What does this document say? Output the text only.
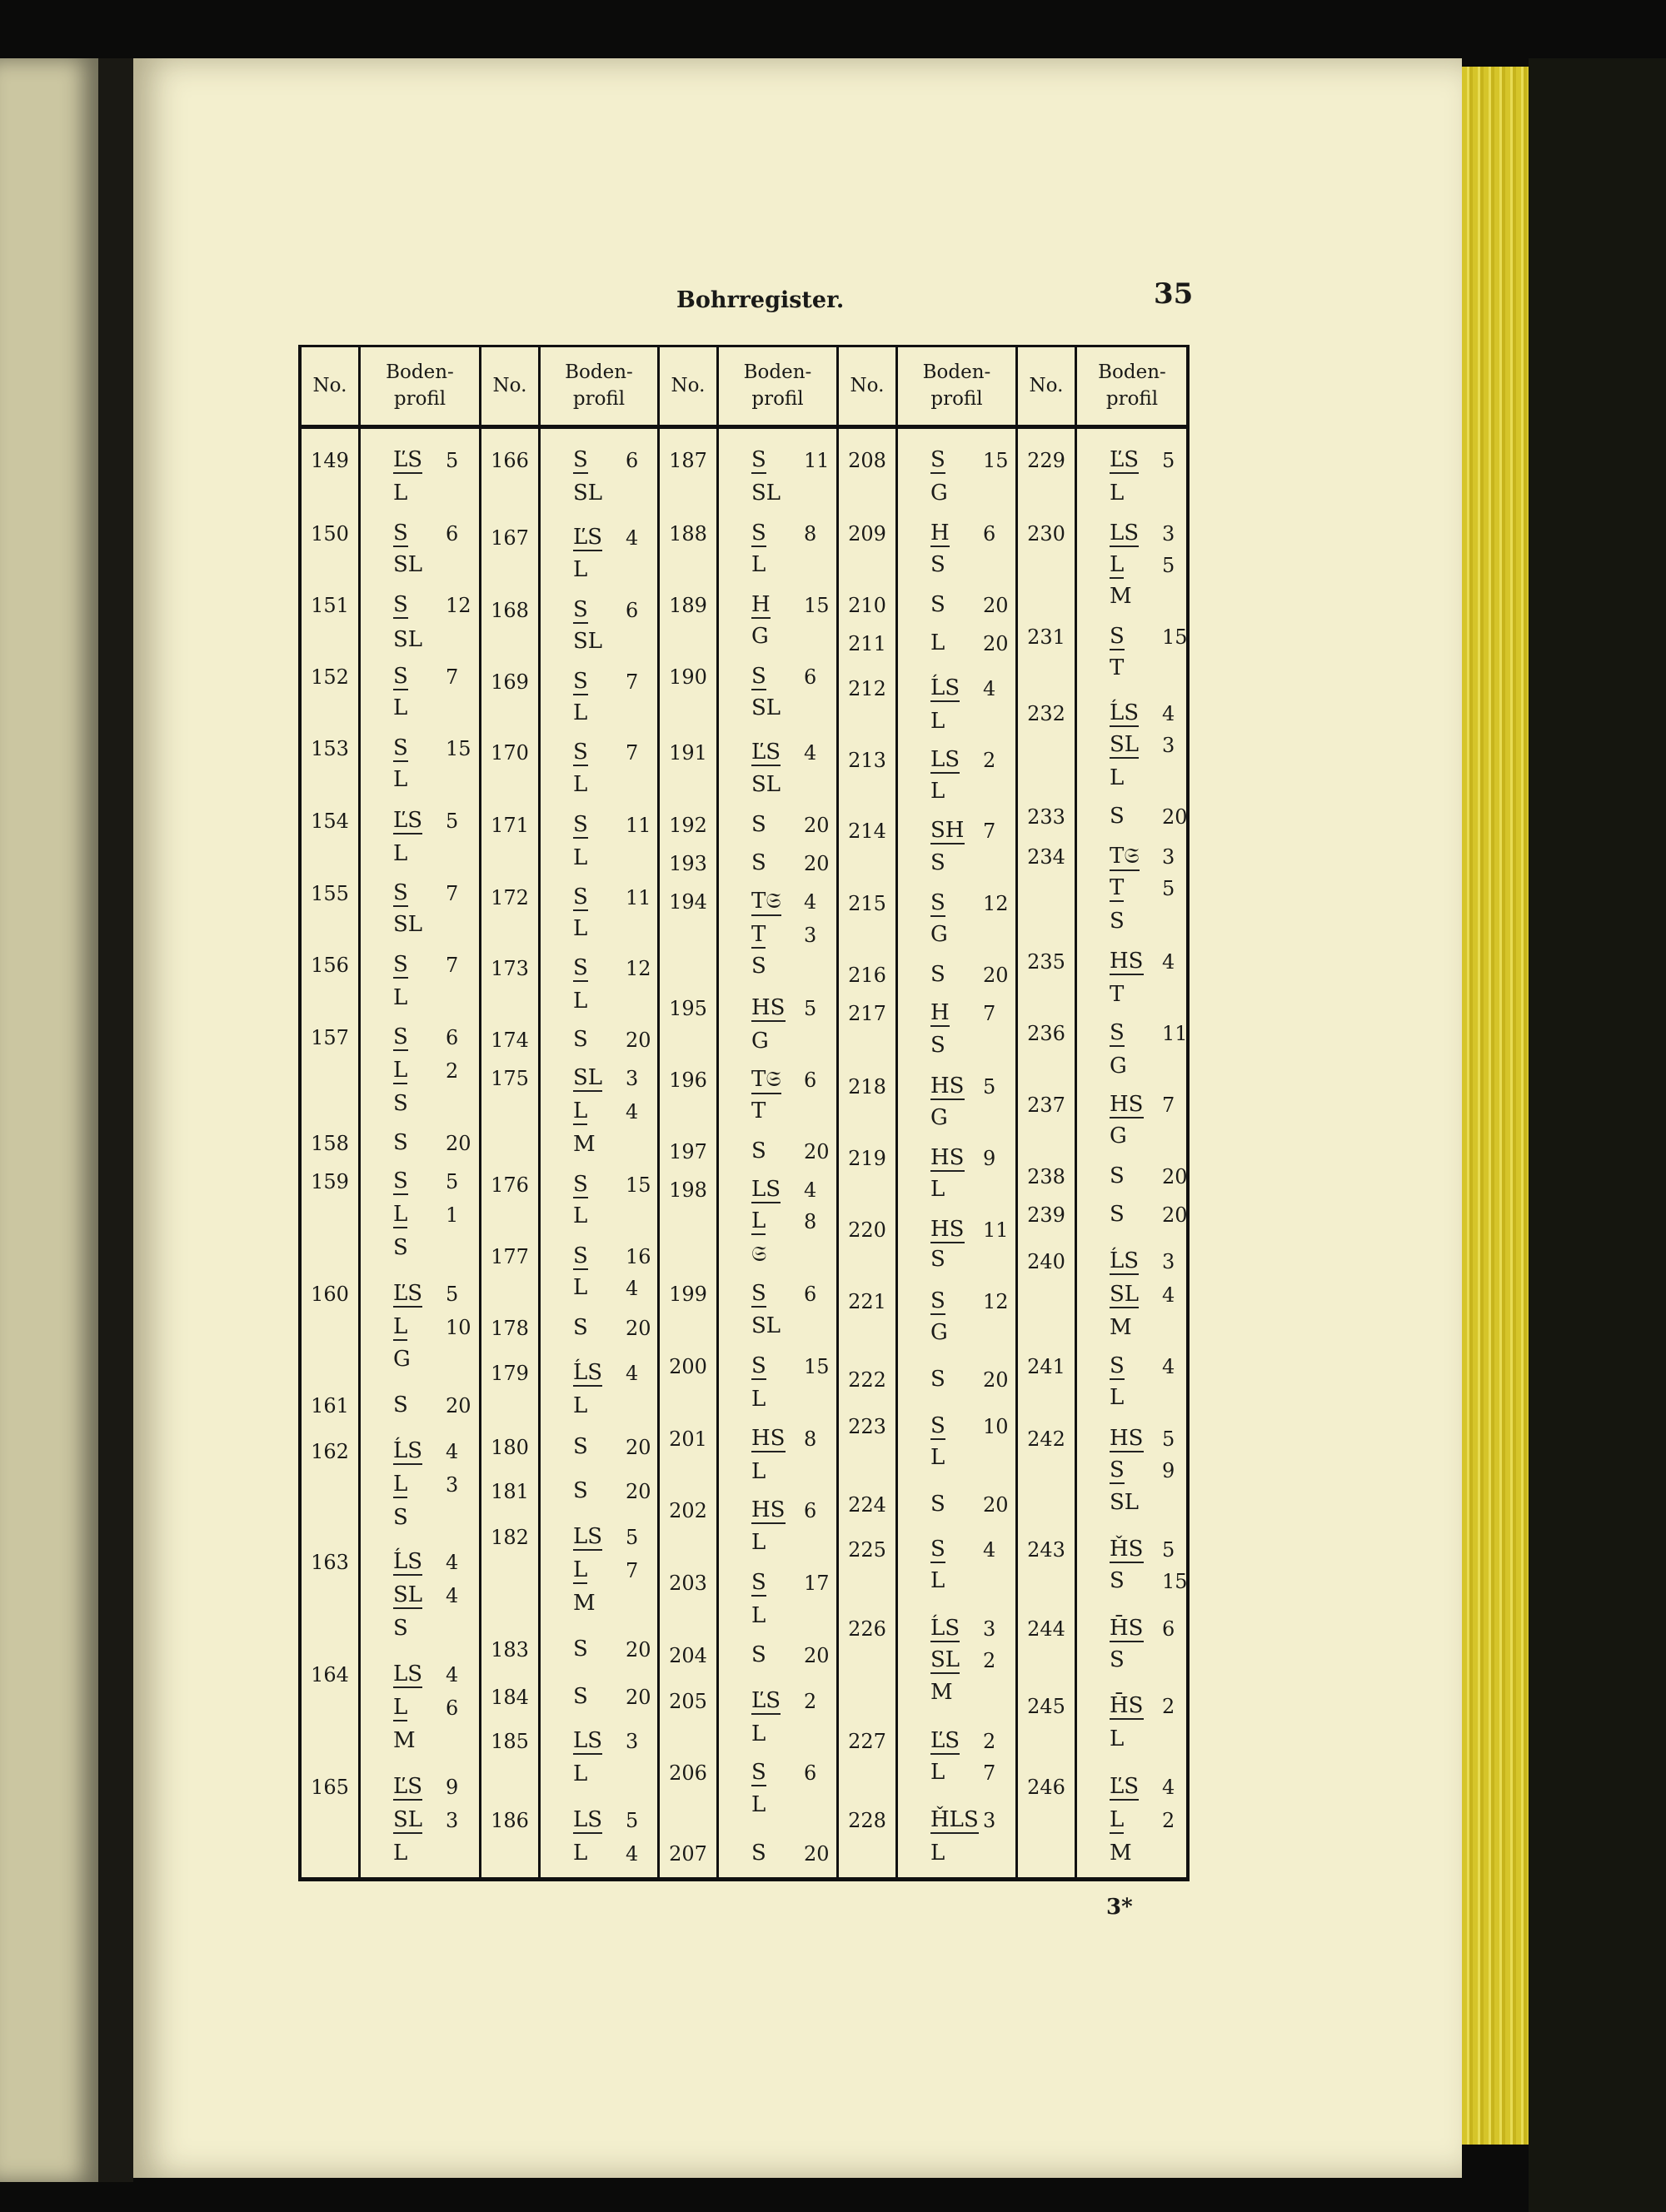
Bohrregister.	35
No.
Boden-
profil
No.
Boden-
profil
No.
Boden-
profil
No.
Boden-
profil
No.
Boden-
profil
149 ĽS 5
L
150 S 6
SL
151 S 12
SL
152 S 7
L
153 S 15
L
154 ĽS 5
L
155 S 7
SL
156 S 7
L
157 S 6
L 2
S
158 S 20
159 S 5
L 1
S
160 ĽS 5
L 10
G
161 S 20
162 ĹS 4
L 3
S
163 ĹS 4
SL 4
S
164 LS 4
L 6
M
165 ĽS 9
SL 3
L
166 S 6
SL
167 ĽS 4
L
168 S 6
SL
169 S 7
L
170 S 7
L
171 S 11
L
172 S 11
L
173 S 12
L
174 S 20
175 SL 3
L 4
M
176 S 15
L
177 S 16
L 4
178 S 20
179 ĹS 4
L
180 S 20
181 S 20
182 LS 5
L 7
M
183 S 20
184 S 20
185 LS 3
L
186 LS 5
L 4
187 S 11
SL
188 S 8
L
189 H 15
G
190 S 6
SL
191 ĽS 4
SL
192 S 20
193 S 20
194 T𝔖 4
T 3
S
195 HS 5
G
196 T𝔖 6
T
197 S 20
198 LS 4
L 8
𝔖
199 S 6
SL
200 S 15
L
201 HS 8
L
202 HS 6
L
203 S 17
L
204 S 20
205 ĽS 2
L
206 S 6
L
207 S 20
208 S 15
G
209 H 6
S
210 S 20
211 L 20
212 ĹS 4
L
213 LS 2
L
214 SH 7
S
215 S 12
G
216 S 20
217 H 7
S
218 HS 5
G
219 HS 9
L
220 HS 11
S
221 S 12
G
222 S 20
223 S 10
L
224 S 20
225 S 4
L
226 ĹS 3
SL 2
M
227 ĽS 2
L 7
228 ȞLS 3
L
229 ĽS 5
L
230 LS 3
L 5
M
231 S 15
T
232 ĹS 4
SL 3
L
233 S 20
234 T𝔖 3
T 5
S
235 HS 4
T
236 S 11
G
237 HS 7
G
238 S 20
239 S 20
240 ĹS 3
SL 4
M
241 S 4
L
242 HS 5
S 9
SL
243 ȞS 5
S 15
244 H̄S 6
S
245 H̄S 2
L
246 ĽS 4
L 2
M
3*
